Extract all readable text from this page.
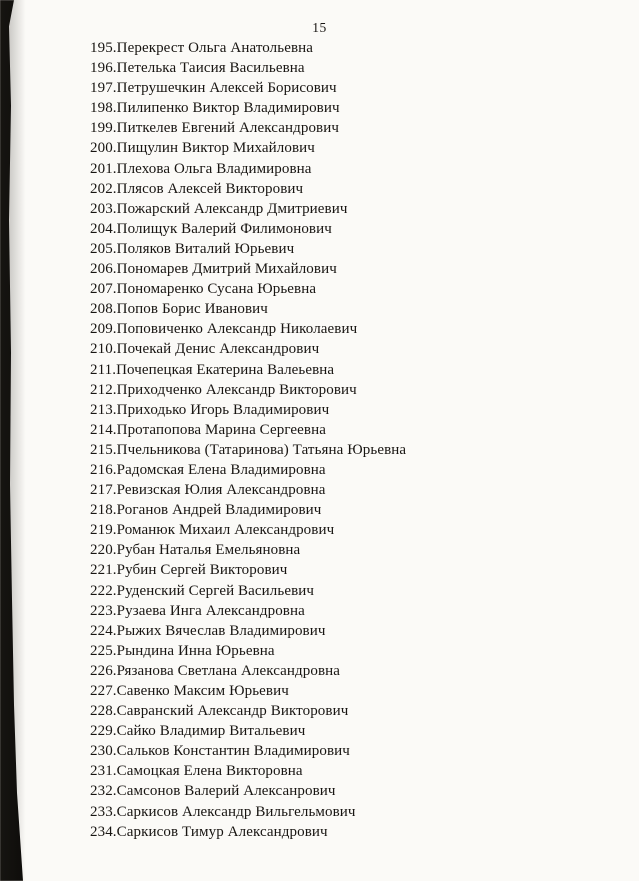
15
195.Перекрест Ольга Анатольевна
196.Петелька Таисия Васильевна
197.Петрушечкин Алексей Борисович
198.Пилипенко Виктор Владимирович
199.Питкелев Евгений Александрович
200.Пищулин Виктор Михайлович
201.Плехова Ольга Владимировна
202.Плясов Алексей Викторович
203.Пожарский Александр Дмитриевич
204.Полищук Валерий Филимонович
205.Поляков Виталий Юрьевич
206.Пономарев Дмитрий Михайлович
207.Пономаренко Сусана Юрьевна
208.Попов Борис Иванович
209.Поповиченко Александр Николаевич
210.Почекай Денис Александрович
211.Почепецкая Екатерина Валеьевна
212.Приходченко Александр Викторович
213.Приходько Игорь Владимирович
214.Протапопова Марина Сергеевна
215.Пчельникова (Татаринова) Татьяна Юрьевна
216.Радомская Елена Владимировна
217.Ревизская Юлия Александровна
218.Роганов Андрей Владимирович
219.Романюк Михаил Александрович
220.Рубан Наталья Емельяновна
221.Рубин Сергей Викторович
222.Руденский Сергей Васильевич
223.Рузаева Инга Александровна
224.Рыжих Вячеслав Владимирович
225.Рындина Инна Юрьевна
226.Рязанова Светлана Александровна
227.Савенко Максим Юрьевич
228.Савранский Александр Викторович
229.Сайко Владимир Витальевич
230.Сальков Константин Владимирович
231.Самоцкая Елена Викторовна
232.Самсонов Валерий Алексанрович
233.Саркисов Александр Вильгельмович
234.Саркисов Тимур Александрович
